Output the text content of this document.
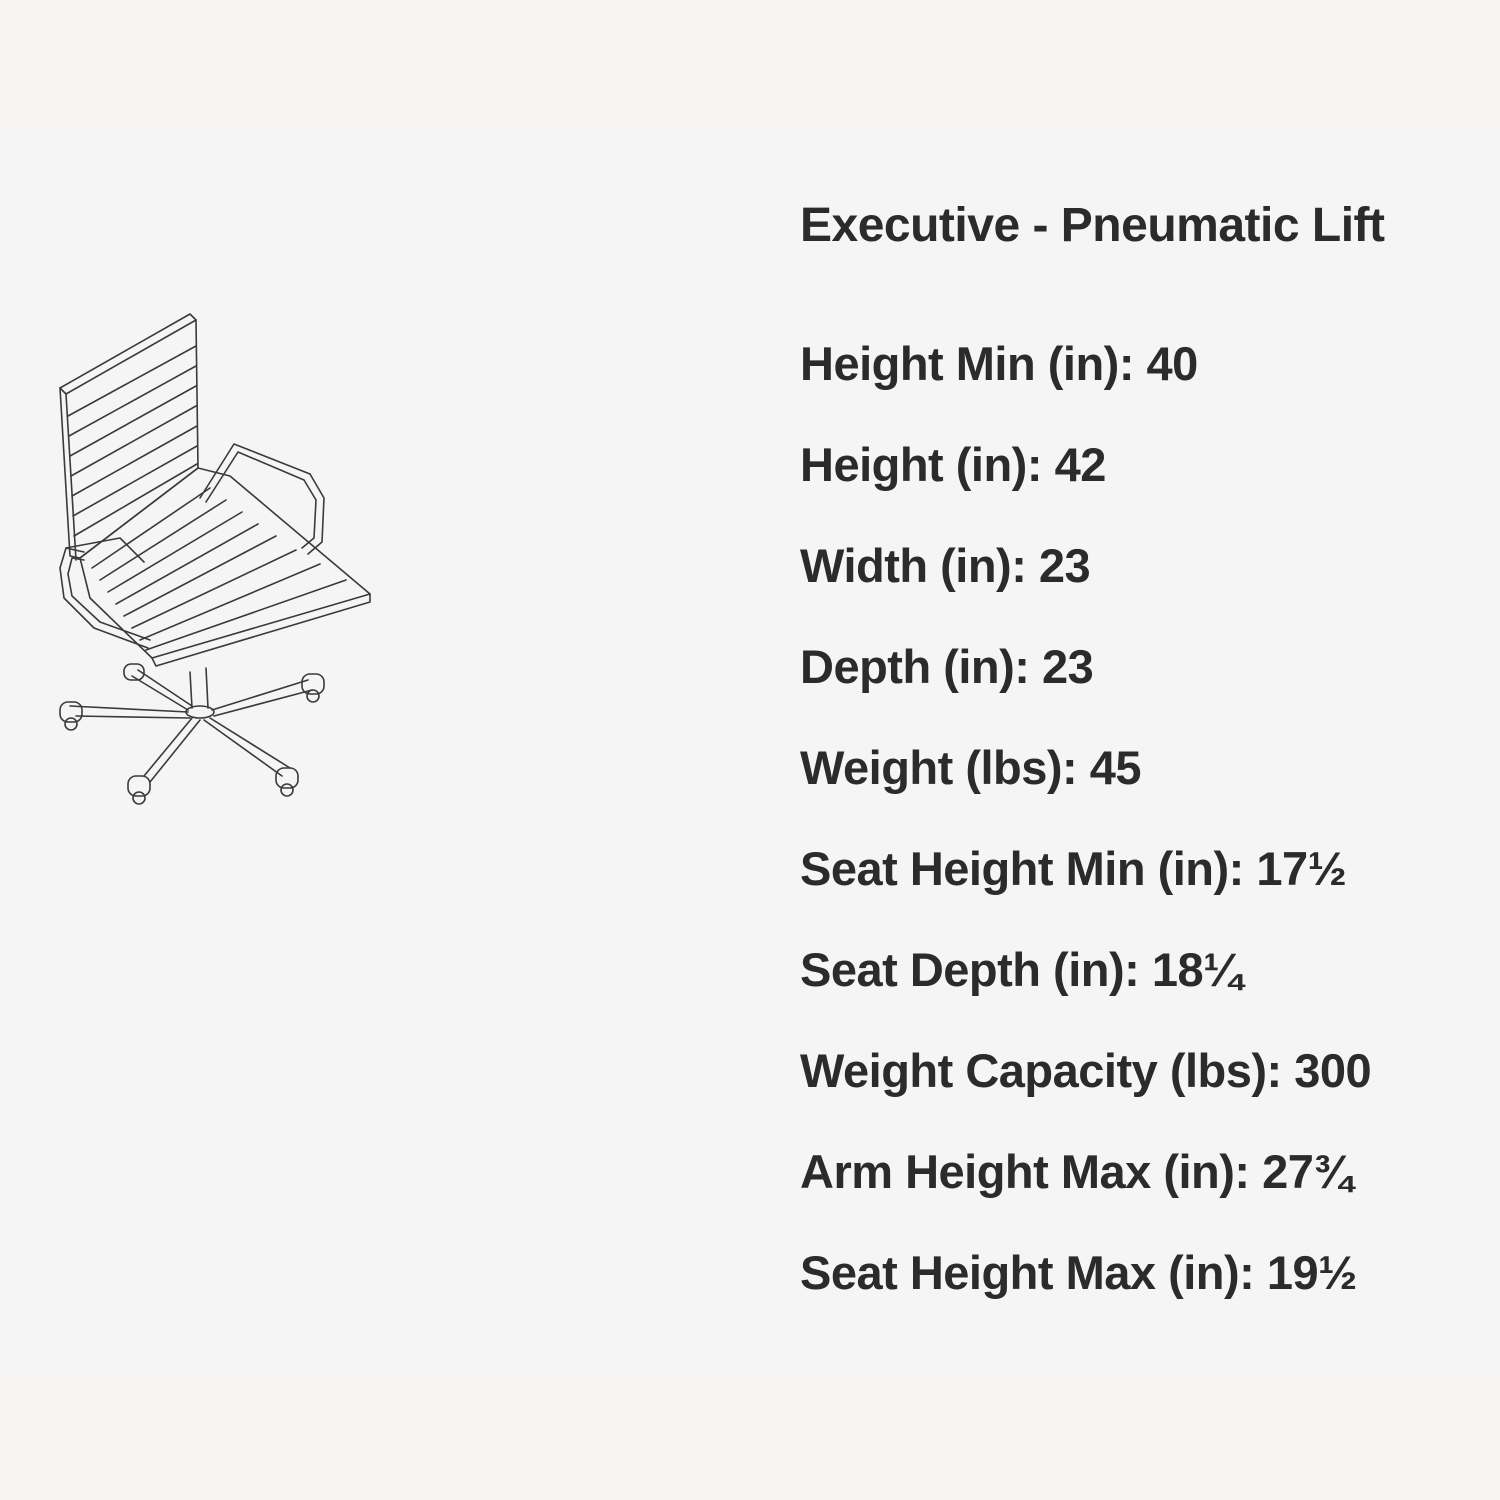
Executive - Pneumatic Lift
Height Min (in): 40
Height (in): 42
Width (in): 23
Depth (in): 23
Weight (lbs): 45
Seat Height Min (in): 17½
Seat Depth (in): 18¼
Weight Capacity (lbs): 300
Arm Height Max (in): 27¾
Seat Height Max (in): 19½
